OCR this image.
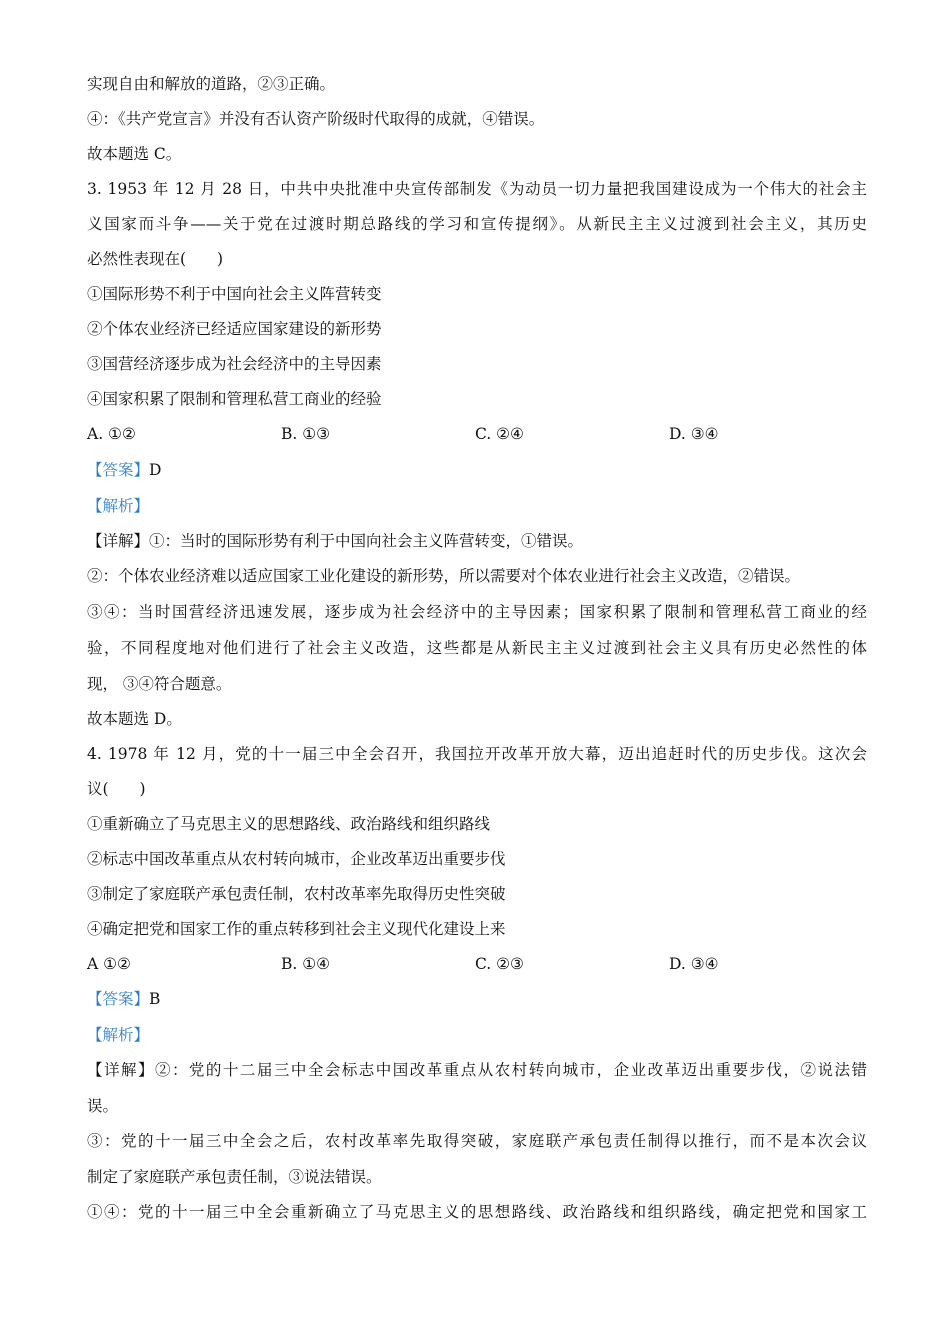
实现自由和解放的道路，②③正确。
④：《共产党宣言》并没有否认资产阶级时代取得的成就，④错误。
故本题选 C。
3. 1953 年 12 月 28 日，中共中央批准中央宣传部制发《为动员一切力量把我国建设成为一个伟大的社会主
义国家而斗争——关于党在过渡时期总路线的学习和宣传提纲》。从新民主主义过渡到社会主义，其历史
必然性表现在(　　)
①国际形势不利于中国向社会主义阵营转变
②个体农业经济已经适应国家建设的新形势
③国营经济逐步成为社会经济中的主导因素
④国家积累了限制和管理私营工商业的经验
A. ①②	B. ①③	C. ②④	D. ③④
【答案】D
【解析】
【详解】①：当时的国际形势有利于中国向社会主义阵营转变，①错误。
②：个体农业经济难以适应国家工业化建设的新形势，所以需要对个体农业进行社会主义改造，②错误。
③④：当时国营经济迅速发展，逐步成为社会经济中的主导因素；国家积累了限制和管理私营工商业的经
验，不同程度地对他们进行了社会主义改造，这些都是从新民主主义过渡到社会主义具有历史必然性的体
现， ③④符合题意。
故本题选 D。
4. 1978 年 12 月，党的十一届三中全会召开，我国拉开改革开放大幕，迈出追赶时代的历史步伐。这次会
议(　　)
①重新确立了马克思主义的思想路线、政治路线和组织路线
②标志中国改革重点从农村转向城市，企业改革迈出重要步伐
③制定了家庭联产承包责任制，农村改革率先取得历史性突破
④确定把党和国家工作的重点转移到社会主义现代化建设上来
A ①②	B. ①④	C. ②③	D. ③④
【答案】B
【解析】
【详解】②：党的十二届三中全会标志中国改革重点从农村转向城市，企业改革迈出重要步伐，②说法错
误。
③：党的十一届三中全会之后，农村改革率先取得突破，家庭联产承包责任制得以推行，而不是本次会议
制定了家庭联产承包责任制，③说法错误。
①④：党的十一届三中全会重新确立了马克思主义的思想路线、政治路线和组织路线，确定把党和国家工
